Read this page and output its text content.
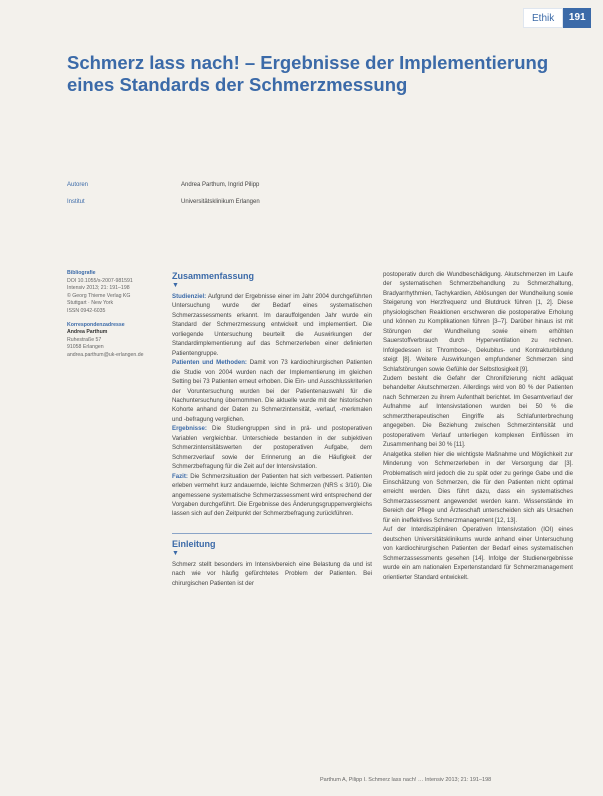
Ethik	191
Schmerz lass nach! – Ergebnisse der Implementierung eines Standards der Schmerzmessung
Autoren	Andrea Parthum, Ingrid Pilipp
Institut	Universitätsklinikum Erlangen

Bibliografie

DOI 10.1055/s-2007-981591

Intensiv 2013; 21: 191–198

© Georg Thieme Verlag KG

Stuttgart · New York

ISSN 0942-6035

Korrespondenzadresse

Andrea Parthum

Ruhestraße 57

91058 Erlangen

andrea.parthum@uk-erlangen.de

Zusammenfassung
▼

Studienziel: Aufgrund der Ergebnisse einer im Jahr 2004 durchgeführten Untersuchung wurde der Bedarf eines systematischen Schmerzassessments erkannt. Im darauffolgenden Jahr wurde ein Standard der Schmerzmessung entwickelt und implementiert. Die vorliegende Untersuchung beurteilt die Auswirkungen der Standardimplementierung auf das Schmerzerleben einer definierten Patientengruppe.

Patienten und Methoden: Damit von 73 kardiochirurgischen Patienten die Studie von 2004 wurden nach der Implementierung im gleichen Setting bei 73 Patienten erneut erhoben. Die Ein- und Ausschlusskriterien der Voruntersuchung wurden bei der Patientenauswahl für die Nachuntersuchung übernommen. Die aktuelle wurde mit der historischen Kohorte anhand der Daten zu Schmerzintensität, -verlauf, -merkmalen und -befragung verglichen.

Ergebnisse: Die Studiengruppen sind in prä- und postoperativen Variablen vergleichbar. Unterschiede bestanden in der subjektiven Schmerzintensitätswerten der postoperativen Aufgabe, dem Schmerzverlauf sowie der Erinnerung an die Häufigkeit der Schmerzbefragung für die Zeit auf der Intensivstation.

Fazit: Die Schmerzsituation der Patienten hat sich verbessert. Patienten erleben vermehrt kurz andauernde, leichte Schmerzen (NRS ≤ 3/10). Die angemessene systematische Schmerzassessment wird entsprechend der Vorgaben durchgeführt. Die Ergebnisse des Änderungsgruppenvergleichs lassen sich auf den Zeitpunkt der Schmerzbefragung zurückführen.

Einleitung
▼

Schmerz stellt besonders im Intensivbereich eine Belastung da und ist nach wie vor häufig gefürchtetes Problem der Patienten. Bei chirurgischen Patienten ist der

postoperativ durch die Wundbeschädigung. Akutschmerzen im Laufe der systematischen Schmerzbehandlung zu Schmerzhaltung, Bradyarrhythmien, Tachykardien, Ablösungen der Wundheilung sowie Steigerung von Herzfrequenz und Blutdruck führen [1, 2]. Diese physiologischen Reaktionen erschweren die postoperative Erholung und können zu Komplikationen führen [3–7]. Darüber hinaus ist mit Störungen der Wundheilung sowie einem erhöhten Sauerstoffverbrauch durch Hyperventilation zu rechnen. Infolgedessen ist Thrombose-, Dekubitus- und Kontrakturbildung steigt [8]. Weitere Auswirkungen empfundener Schmerzen sind Schlafstörungen sowie Gefühle der Selbstlosigkeit [9].

Zudem besteht die Gefahr der Chronifizierung nicht adäquat behandelter Akutschmerzen. Allerdings wird von 80 % der Patienten nach Schmerzen zu ihrem Aufenthalt berichtet. Im Gesamtverlauf der Aufnahme auf Intensivstationen wurden bei 50 % die schmerztherapeutischen Eingriffe als Schlafunterbrechung angegeben. Die Beziehung zwischen Schmerzintensität und postoperativem Verlauf unterliegen komplexen Einflüssen im Zusammenhang bei 30 % [11].

Analgetika stellen hier die wichtigste Maßnahme und Möglichkeit zur Minderung von Schmerzerleben in der Versorgung dar [3]. Problematisch wird jedoch die zu spät oder zu geringe Gabe und die Einschätzung von Schmerzen, die für den Patienten nicht optimal erreicht werden. Dies führt dazu, dass ein systematisches Schmerzassessment angewendet werden kann. Wissenstände im Bereich der Pflege und Ärzteschaft unterscheiden sich als Ursachen für ein ineffektives Schmerzmanagement [12, 13].

Auf der Interdisziplinären Operativen Intensivstation (IOI) eines deutschen Universitätsklinikums wurde anhand einer Untersuchung von kardiochirurgischen Patienten der Bedarf eines systematischen Schmerzassessments gesehen [14]. Infolge der Studienergebnisse wurde ein am nationalen Expertenstandard für Schmerzmanagement orientierter Standard entwickelt.

Parthum A, Pilipp I. Schmerz lass nach! … Intensiv 2013; 21: 191–198
